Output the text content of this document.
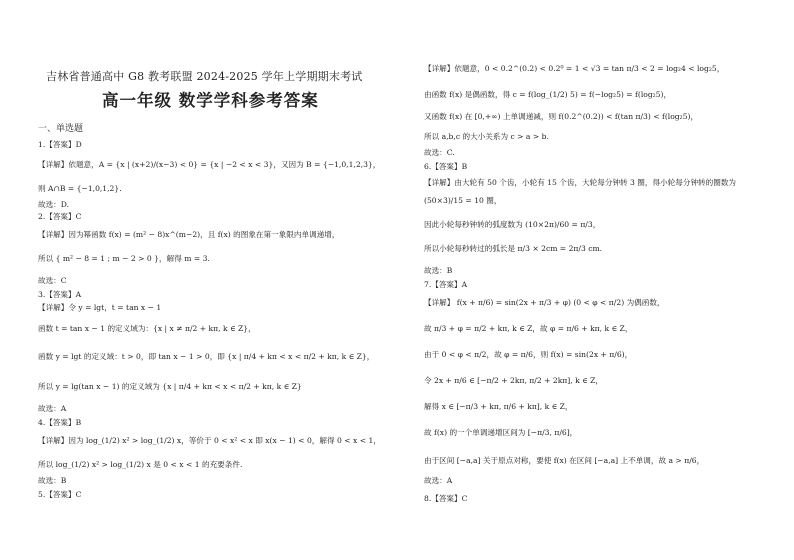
吉林省普通高中 G8 教考联盟 2024-2025 学年上学期期末考试
高一年级 数学学科参考答案
一、单选题
1.【答案】D
【详解】依题意，A = {x | (x+2)/(x−3) < 0} = {x | −2 < x < 3}，又因为 B = {−1,0,1,2,3}，
则 A∩B = {−1,0,1,2}.
故选：D.
2.【答案】C
【详解】因为幂函数 f(x) = (m² − 8)x^(m−2)，且 f(x) 的图象在第一象限内单调递增，
所以 { m² − 8 = 1 ; m − 2 > 0 }，解得 m = 3.
故选：C
3.【答案】A
【详解】令 y = lgt，t = tan x − 1
函数 t = tan x − 1 的定义域为：{x | x ≠ π/2 + kπ, k ∈ Z}，
函数 y = lgt 的定义域：t > 0，即 tan x − 1 > 0，即 {x | π/4 + kπ < x < π/2 + kπ, k ∈ Z}，
所以 y = lg(tan x − 1) 的定义域为 {x | π/4 + kπ < x < π/2 + kπ, k ∈ Z}
故选：A
4.【答案】B
【详解】因为 log_(1/2) x² > log_(1/2) x，等价于 0 < x² < x 即 x(x − 1) < 0，解得 0 < x < 1，
所以 log_(1/2) x² > log_(1/2) x 是 0 < x < 1 的充要条件.
故选：B
5.【答案】C
【详解】依题意，0 < 0.2^(0.2) < 0.2⁰ = 1 < √3 = tan π/3 < 2 = log₂4 < log₂5，
由函数 f(x) 是偶函数，得 c = f(log_(1/2) 5) = f(−log₂5) = f(log₂5)，
又函数 f(x) 在 [0,+∞) 上单调递减，则 f(0.2^(0.2)) < f(tan π/3) < f(log₂5)，
所以 a,b,c 的大小关系为 c > a > b.
故选：C.
6.【答案】B
【详解】由大轮有 50 个齿，小轮有 15 个齿，大轮每分钟转 3 圈，得小轮每分钟转的圈数为
(50×3)/15 = 10 圈，
因此小轮每秒钟转的弧度数为 (10×2π)/60 = π/3，
所以小轮每秒转过的弧长是 π/3 × 2cm = 2π/3 cm.
故选：B
7.【答案】A
【详解】 f(x + π/6) = sin(2x + π/3 + φ) (0 < φ < π/2) 为偶函数，
故 π/3 + φ = π/2 + kπ, k ∈ Z，故 φ = π/6 + kπ, k ∈ Z，
由于 0 < φ < π/2，故 φ = π/6，则 f(x) = sin(2x + π/6)，
令 2x + π/6 ∈ [−π/2 + 2kπ, π/2 + 2kπ], k ∈ Z，
解得 x ∈ [−π/3 + kπ, π/6 + kπ], k ∈ Z，
故 f(x) 的一个单调递增区间为 [−π/3, π/6]，
由于区间 [−a,a] 关于原点对称，要使 f(x) 在区间 [−a,a] 上不单调，故 a > π/6，
故选：A
8.【答案】C
